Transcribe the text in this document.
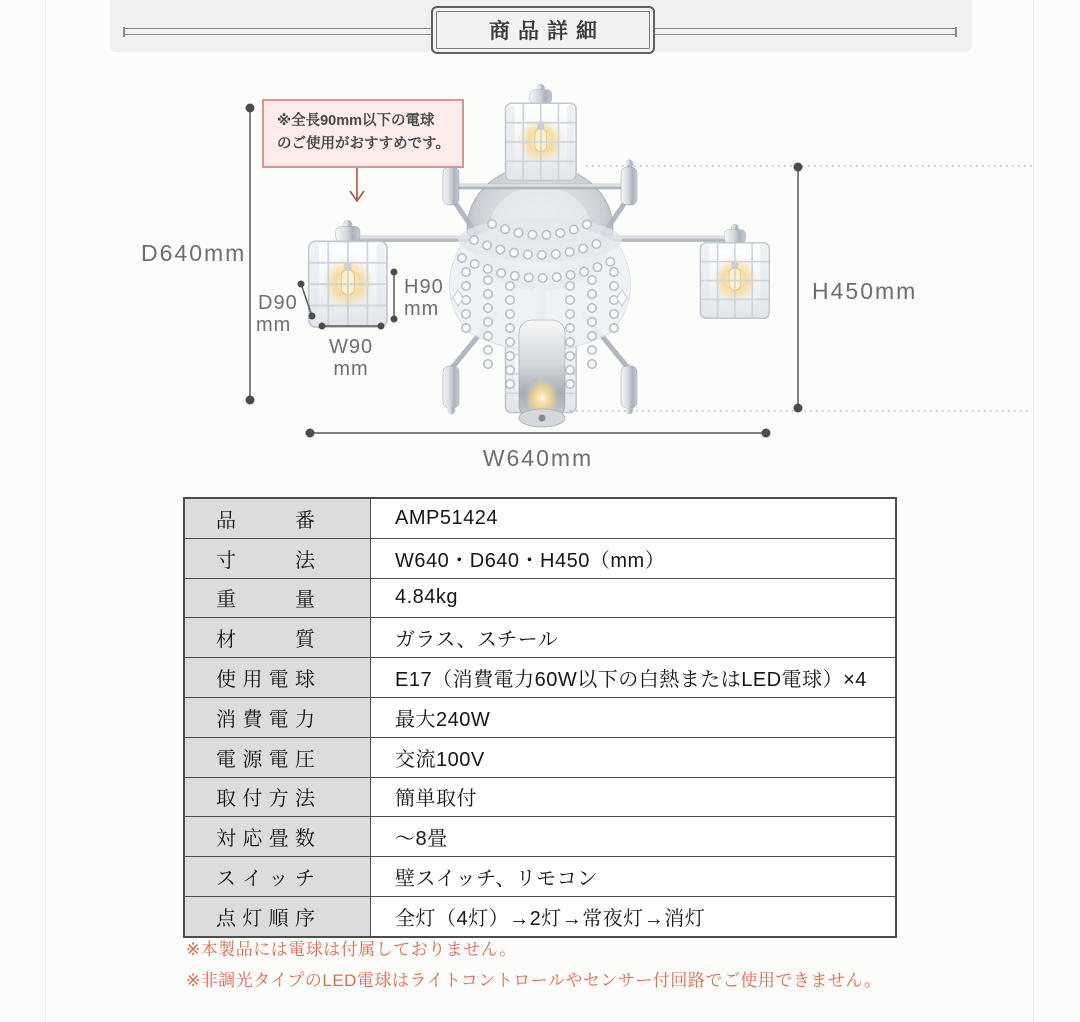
商品詳細
D640mm
H450mm
W640mm
D90
mm
H90
mm
W90
mm
※全長90mm以下の電球
のご使用がおすすめです。
品番	AMP51424

寸法	W640・D640・H450（mm）

重量	4.84kg

材質	ガラス、スチール

使用電球	E17（消費電力60W以下の白熱またはLED電球）×4

消費電力	最大240W

電源電圧	交流100V

取付方法	簡単取付

対応畳数	～8畳

スイッチ	壁スイッチ、リモコン

点灯順序	全灯（4灯）→2灯→常夜灯→消灯

※本製品には電球は付属しておりません。

※非調光タイプのLED電球はライトコントロールやセンサー付回路でご使用できません。
